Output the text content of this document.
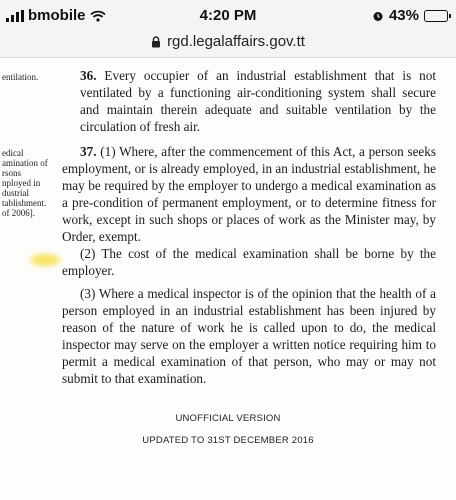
bmobile	4:20 PM	43%
rgd.legalaffairs.gov.tt
entilation.
edical
amination of
rsons
nployed in
dustrial
tablishment.
of 2006].
36. Every occupier of an industrial establishment that is not ventilated by a functioning air-conditioning system shall secure and maintain therein adequate and suitable ventilation by the circulation of fresh air.
37. (1) Where, after the commencement of this Act, a person seeks employment, or is already employed, in an industrial establishment, he may be required by the employer to undergo a medical examination as a pre-condition of permanent employment, or to determine fitness for work, except in such shops or places of work as the Minister may, by Order, exempt.
(2) The cost of the medical examination shall be borne by the employer.
(3) Where a medical inspector is of the opinion that the health of a person employed in an industrial establishment has been injured by reason of the nature of work he is called upon to do, the medical inspector may serve on the employer a written notice requiring him to permit a medical examination of that person, who may or may not submit to that examination.
UNOFFICIAL VERSION
UPDATED TO 31ST DECEMBER 2016
